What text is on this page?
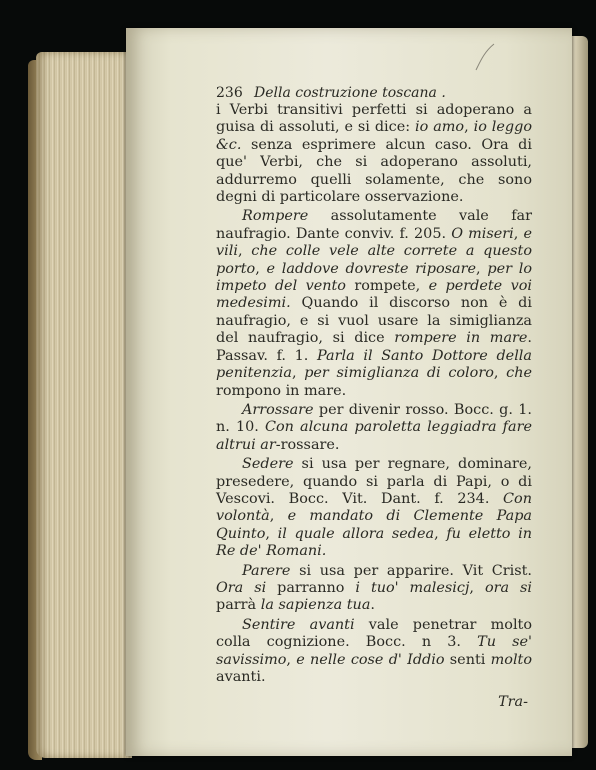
236 Della costruzione toscana .

i Verbi transitivi perfetti si adoperano a guisa di assoluti, e si dice: io amo, io leggo &c. senza esprimere alcun caso. Ora di que' Verbi, che si adoperano assoluti, addurremo quelli solamente, che sono degni di particolare osservazione.

Rompere assolutamente vale far naufragio. Dante conviv. f. 205. O miseri, e vili, che colle vele alte correte a questo porto, e laddove dovreste riposare, per lo impeto del vento rompete, e perdete voi medesimi. Quando il discorso non è di naufragio, e si vuol usare la simiglianza del naufragio, si dice rompere in mare. Passav. f. 1. Parla il Santo Dottore della penitenzia, per simiglianza di coloro, che rompono in mare.

Arrossare per divenir rosso. Bocc. g. 1. n. 10. Con alcuna paroletta leggiadra fare altrui ar-rossare.

Sedere si usa per regnare, dominare, presedere, quando si parla di Papi, o di Vescovi. Bocc. Vit. Dant. f. 234. Con volontà, e mandato di Clemente Papa Quinto, il quale allora sedea, fu eletto in Re de' Romani.

Parere si usa per apparire. Vit Crist. Ora si parranno i tuo' malesicj, ora si parrà la sapienza tua.

Sentire avanti vale penetrar molto colla cognizione. Bocc. n 3. Tu se' savissimo, e nelle cose d' Iddio senti molto avanti.

Tra-
